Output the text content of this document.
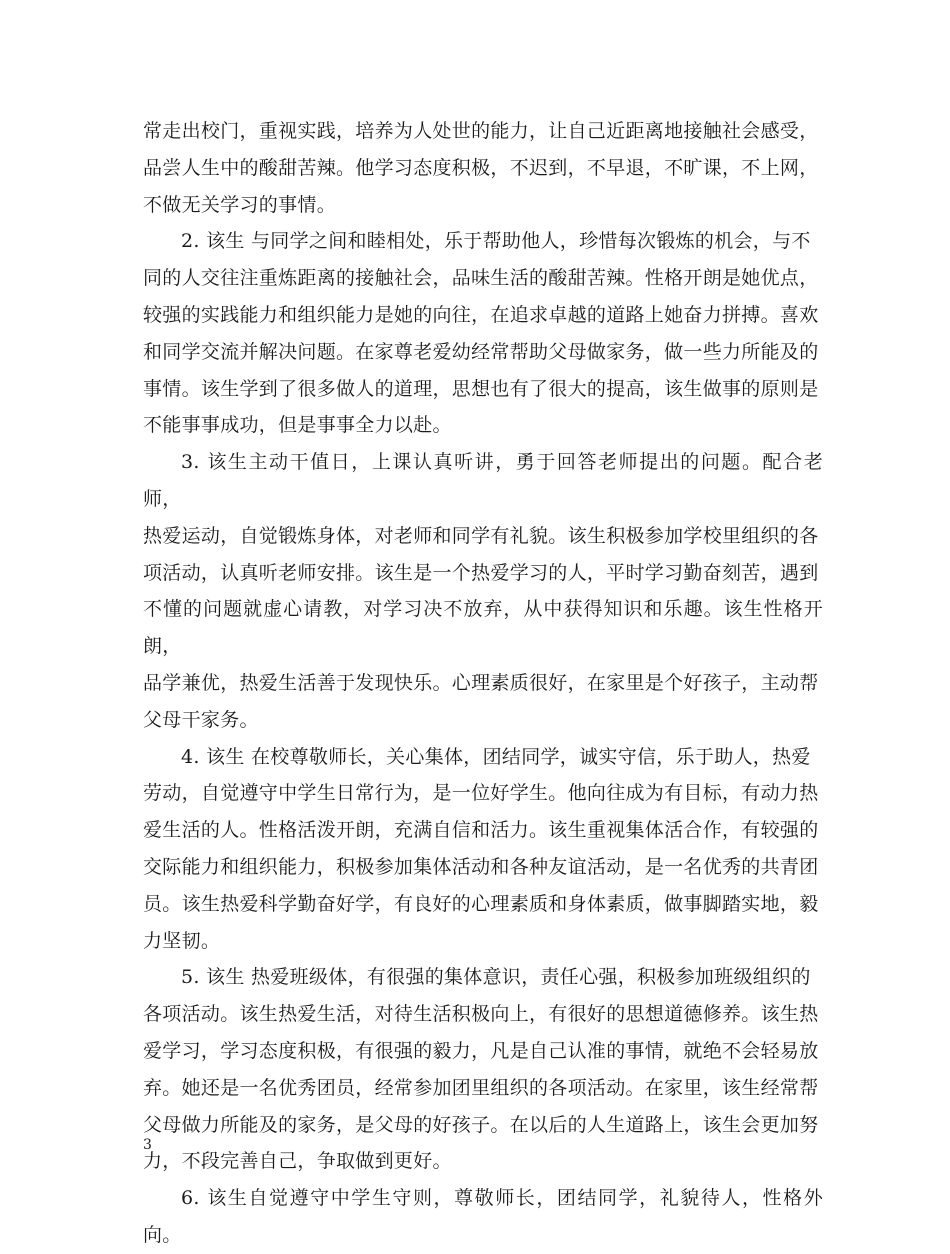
常走出校门，重视实践，培养为人处世的能力，让自己近距离地接触社会感受，
品尝人生中的酸甜苦辣。他学习态度积极，不迟到，不早退，不旷课，不上网，
不做无关学习的事情。

2. 该生 与同学之间和睦相处，乐于帮助他人，珍惜每次锻炼的机会，与不
同的人交往注重炼距离的接触社会，品味生活的酸甜苦辣。性格开朗是她优点，
较强的实践能力和组织能力是她的向往，在追求卓越的道路上她奋力拼搏。喜欢
和同学交流并解决问题。在家尊老爱幼经常帮助父母做家务，做一些力所能及的
事情。该生学到了很多做人的道理，思想也有了很大的提高，该生做事的原则是
不能事事成功，但是事事全力以赴。

3. 该生主动干值日，上课认真听讲，勇于回答老师提出的问题。配合老师，
热爱运动，自觉锻炼身体，对老师和同学有礼貌。该生积极参加学校里组织的各
项活动，认真听老师安排。该生是一个热爱学习的人，平时学习勤奋刻苦，遇到
不懂的问题就虚心请教，对学习决不放弃，从中获得知识和乐趣。该生性格开朗，
品学兼优，热爱生活善于发现快乐。心理素质很好，在家里是个好孩子，主动帮
父母干家务。

4. 该生 在校尊敬师长，关心集体，团结同学，诚实守信，乐于助人，热爱
劳动，自觉遵守中学生日常行为，是一位好学生。他向往成为有目标，有动力热
爱生活的人。性格活泼开朗，充满自信和活力。该生重视集体活合作，有较强的
交际能力和组织能力，积极参加集体活动和各种友谊活动，是一名优秀的共青团
员。该生热爱科学勤奋好学，有良好的心理素质和身体素质，做事脚踏实地，毅
力坚韧。

5. 该生 热爱班级体，有很强的集体意识，责任心强，积极参加班级组织的
各项活动。该生热爱生活，对待生活积极向上，有很好的思想道德修养。该生热
爱学习，学习态度积极，有很强的毅力，凡是自己认准的事情，就绝不会轻易放
弃。她还是一名优秀团员，经常参加团里组织的各项活动。在家里，该生经常帮
父母做力所能及的家务，是父母的好孩子。在以后的人生道路上，该生会更加努
力，不段完善自己，争取做到更好。

6. 该生自觉遵守中学生守则，尊敬师长，团结同学，礼貌待人，性格外向。

3
